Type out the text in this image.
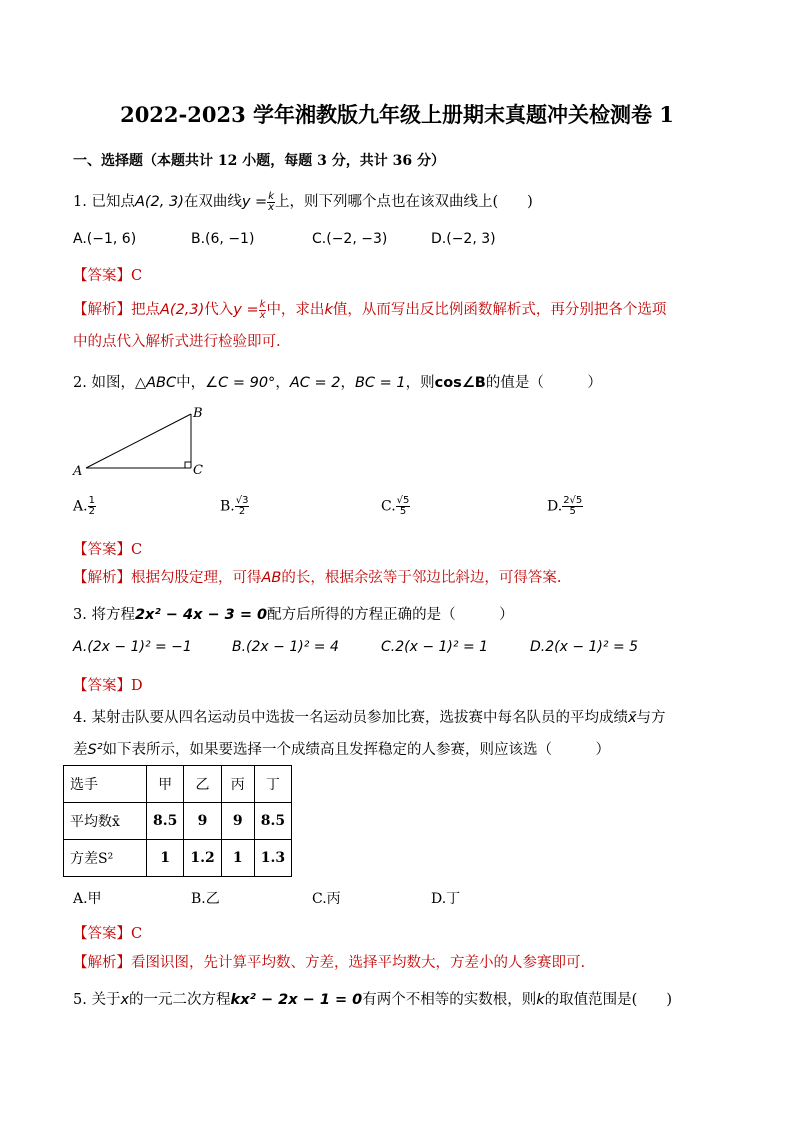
2022-2023 学年湘教版九年级上册期末真题冲关检测卷 1
一、选择题（本题共计 12 小题，每题 3 分，共计 36 分）
1. 已知点A(2, 3)在双曲线$y = \frac{k}{x}$ 上，则下列哪个点也在该双曲线上(　　)
A.(−1, 6)	B.(6, −1)	C.(−2, −3)	D.(−2, 3)
【答案】C
【解析】把点A(2,3)代入$y = \frac{k}{x}$ 中，求出k值，从而写出反比例函数解析式，再分别把各个选项
中的点代入解析式进行检验即可.
2. 如图，△ABC中，∠C = 90°，AC = 2，BC = 1，则cos∠B的值是（　　　）
A
B
C
A. $\frac{1}{2}$	B. $\frac{√3}{2}$	C. $\frac{√5}{5}$	D. $\frac{2√5}{5}$
【答案】C
【解析】根据勾股定理，可得AB的长，根据余弦等于邻边比斜边，可得答案.
3. 将方程2x² − 4x − 3 = 0配方后所得的方程正确的是（　　　）
A.(2x − 1)² = −1	B.(2x − 1)² = 4	C.2(x − 1)² = 1	D.2(x − 1)² = 5
【答案】D
4. 某射击队要从四名运动员中选拔一名运动员参加比赛，选拔赛中每名队员的平均成绩x̄与方
差S²如下表所示，如果要选择一个成绩高且发挥稳定的人参赛，则应该选（　　　）
选手	甲	乙	丙	丁
平均数x̄	8.5	9	9	8.5
方差S²	1	1.2	1	1.3
A.甲	B.乙	C.丙	D.丁
【答案】C
【解析】看图识图，先计算平均数、方差，选择平均数大，方差小的人参赛即可.
5. 关于x的一元二次方程kx² − 2x − 1 = 0有两个不相等的实数根，则k的取值范围是(　　)
